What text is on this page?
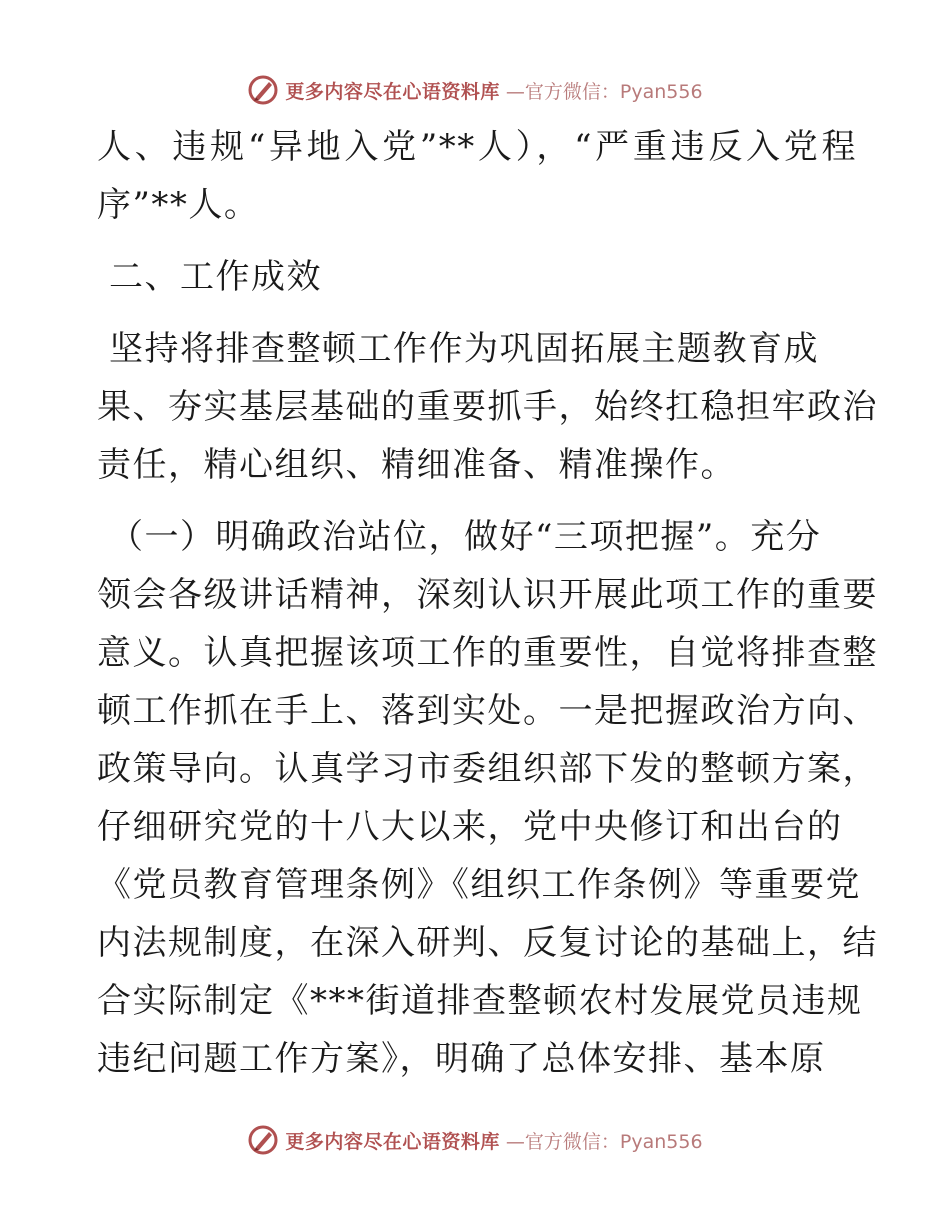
更多内容尽在心语资料库 —官方微信：Pyan556
人、违规“异地入党”**人），“严重违反入党程
序”**人。
二、工作成效
坚持将排查整顿工作作为巩固拓展主题教育成
果、夯实基层基础的重要抓手，始终扛稳担牢政治
责任，精心组织、精细准备、精准操作。
（一）明确政治站位，做好“三项把握”。充分
领会各级讲话精神，深刻认识开展此项工作的重要
意义。认真把握该项工作的重要性，自觉将排查整
顿工作抓在手上、落到实处。一是把握政治方向、
政策导向。认真学习市委组织部下发的整顿方案，
仔细研究党的十八大以来，党中央修订和出台的
《党员教育管理条例》《组织工作条例》等重要党
内法规制度，在深入研判、反复讨论的基础上，结
合实际制定《***街道排查整顿农村发展党员违规
违纪问题工作方案》，明确了总体安排、基本原
更多内容尽在心语资料库 —官方微信：Pyan556
